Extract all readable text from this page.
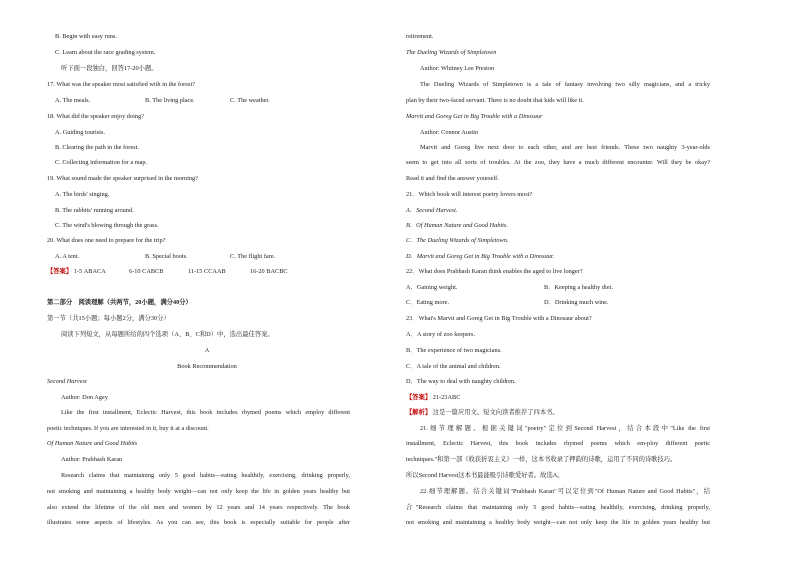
B. Begin with easy runs.
C. Learn about the race grading system.
听下面一段独白，回答17-20小题。
17. What was the speaker most satisfied with in the forest?
A. The meals.	B. The living place.	C. The weather.
18. What did the speaker enjoy doing?
A. Guiding tourists.
B. Clearing the path in the forest.
C. Collecting information for a map.
19. What sound made the speaker surprised in the morning?
A. The birds' singing.
B. The rabbits' running around.
C. The wind's blowing through the grass.
20. What does one need to prepare for the trip?
A. A tent.	B. Special boots.	C. The flight fare.
【答案】 1-5 ABACA	6-10 CABCB	11-15 CCAAB	16-20 BACBC
第二部分　阅读理解（共两节，20小题，满分40分）
第一节（共15小题；每小题2分，满分30分）
阅读下列短文，从每题所给的四个选项（A、B、C和D）中，选出最佳答案。
A
Book Recommendation
Second Harvest
Author: Don Agey
Like the first installment, Eclectic Harvest, this book includes rhymed poems which employ different
poetic techniques. If you are interested in it, buy it at a discount.
Of Human Nature and Good Habits
Author: Prabhash Karan
Research claims that maintaining only 5 good habits—eating healthily, exercising, drinking properly,
not smoking and maintaining a healthy body weight—can not only keep the life in golden years healthy but
also extend the lifetime of the old men and women by 12 years and 14 years respectively. The book
illustrates some aspects of lifestyles. As you can see, this book is especially suitable for people after
retirement.
The Dueling Wizards of Simpletown
Author: Whitney Lee Preston
The Dueling Wizards of Simpletown is a tale of fantasy involving two silly magicians, and a tricky
plan by their two-faced servant. There is no doubt that kids will like it.
Marvit and Goreg Get in Big Trouble with a Dinosaur
Author: Connor Austin
Marvit and Goreg live next door to each other, and are best friends. These two naughty 3-year-olds
seem to get into all sorts of troubles. At the zoo, they have a much different encounter. Will they be okay?
Read it and find the answer yourself.
21．Which book will interest poetry lovers most?
A．Second Harvest.
B．Of Human Nature and Good Habits.
C．The Dueling Wizards of Simpletown.
D．Marvit and Goreg Get in Big Trouble with a Dinosaur.
22．What does Prabhash Karan think enables the aged to live longer?
A．Gaining weight.	B．Keeping a healthy diet.
C．Eating more.	D．Drinking much wine.
23．What's Marvit and Goreg Get in Big Trouble with a Dinosaur about?
A．A story of zoo keepers.
B．The experience of two magicians.
C．A tale of the animal and children.
D．The way to deal with naughty children.
【答案】 21-23ABC
【解析】 这是一篇应用文。短文向读者推荐了四本书。
21.细节理解题。根据关键词"poetry"定位到Second Harvest，结合本段中"Like the first
installment, Eclectic Harvest, this book includes rhymed poems which em-ploy different poetic
techniques."和第一部《收获折衷主义》一样，这本书收录了押韵的诗歌，运用了不同的诗歌技巧。
所以Second Harvest这本书最能吸引诗歌爱好者。故选A。
22.细节理解题。结合关键词"Prabhash Karan"可以定位到"Of Human Nature and Good Habits"，结
合"Research claims that maintaining only 5 good habits—eating healthily, exercising, drinking properly,
not smoking and maintaining a healthy body weight—can not only keep the life in golden years healthy but
